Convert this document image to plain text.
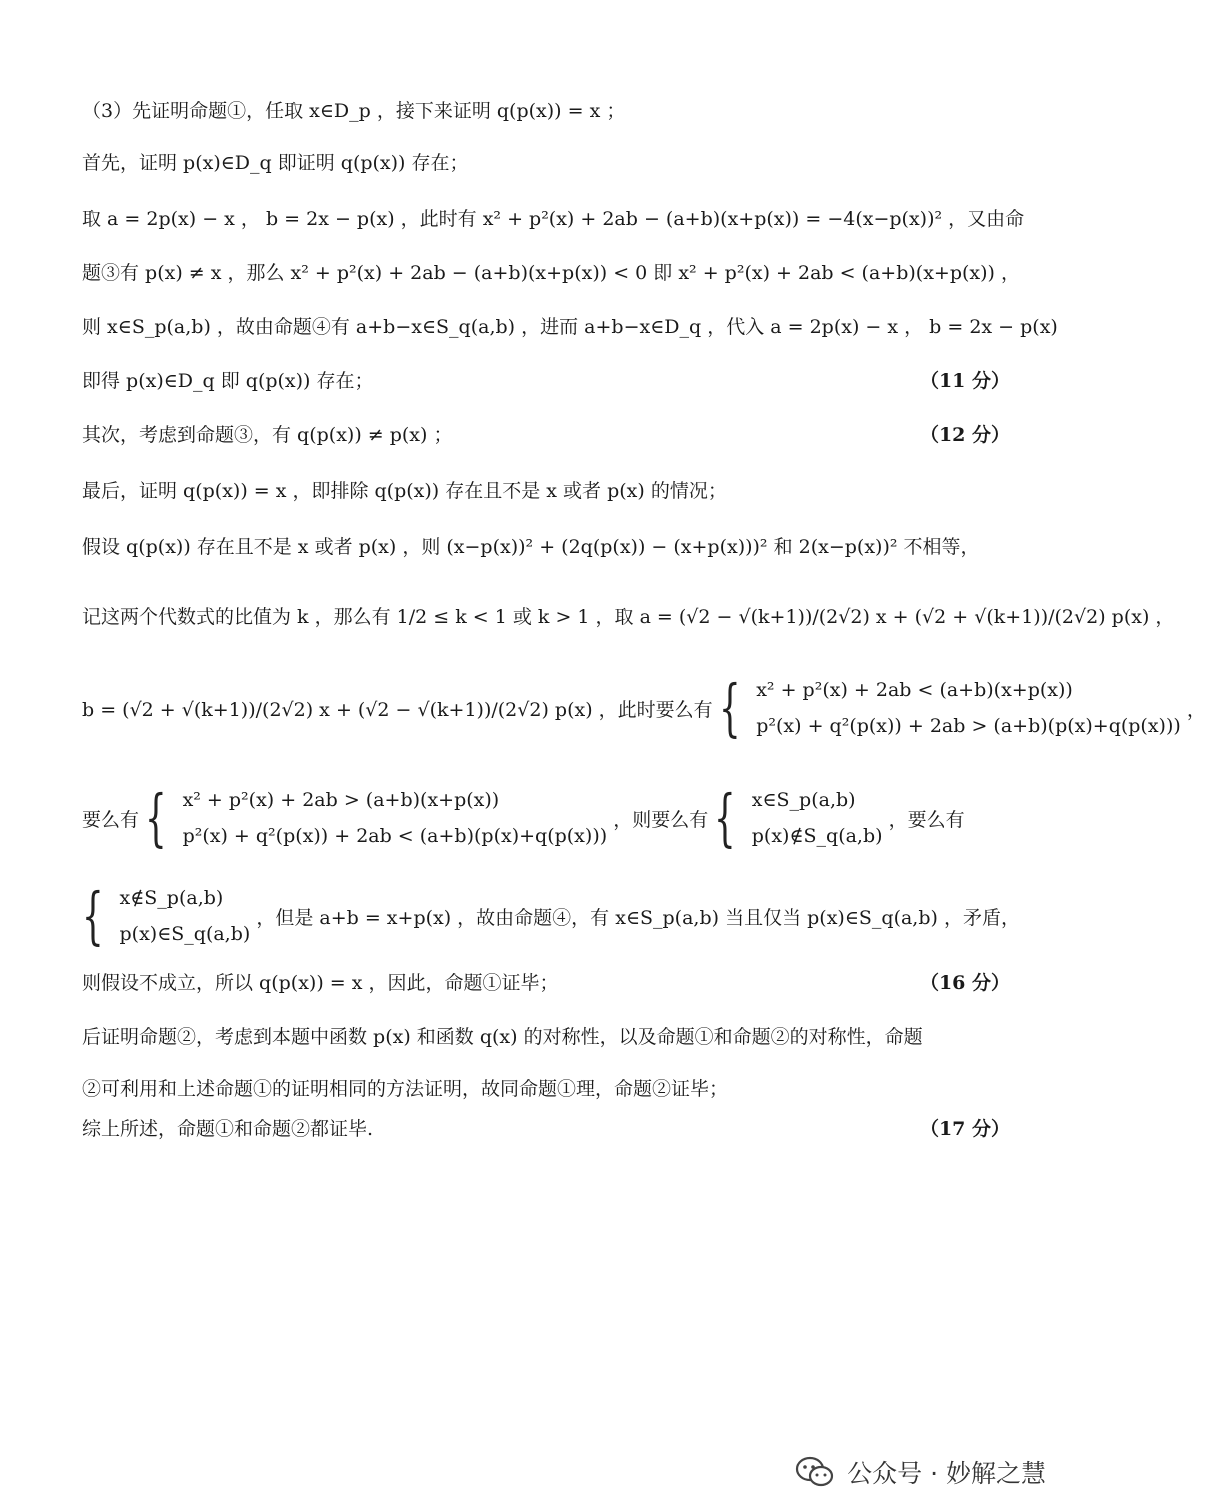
（3）先证明命题①，任取 x∈D_p ，接下来证明 q(p(x)) = x ；
首先，证明 p(x)∈D_q 即证明 q(p(x)) 存在；
取 a = 2p(x) − x ， b = 2x − p(x) ，此时有 x² + p²(x) + 2ab − (a+b)(x+p(x)) = −4(x−p(x))² ，又由命
题③有 p(x) ≠ x ，那么 x² + p²(x) + 2ab − (a+b)(x+p(x)) < 0 即 x² + p²(x) + 2ab < (a+b)(x+p(x)) ，
则 x∈S_p(a,b) ，故由命题④有 a+b−x∈S_q(a,b) ，进而 a+b−x∈D_q ，代入 a = 2p(x) − x ， b = 2x − p(x)
即得 p(x)∈D_q 即 q(p(x)) 存在；	（11 分）
其次，考虑到命题③，有 q(p(x)) ≠ p(x) ；	（12 分）
最后，证明 q(p(x)) = x ，即排除 q(p(x)) 存在且不是 x 或者 p(x) 的情况；
假设 q(p(x)) 存在且不是 x 或者 p(x) ，则 (x−p(x))² + (2q(p(x)) − (x+p(x)))² 和 2(x−p(x))² 不相等，
记这两个代数式的比值为 k ，那么有 1/2 ≤ k < 1 或 k > 1 ，取 a = (√2 − √(k+1))/(2√2) x + (√2 + √(k+1))/(2√2) p(x) ，
b = (√2 + √(k+1))/(2√2) x + (√2 − √(k+1))/(2√2) p(x) ，此时要么有 { x² + p²(x) + 2ab < (a+b)(x+p(x))
p²(x) + q²(p(x)) + 2ab > (a+b)(p(x)+q(p(x)))
，
要么有 { x² + p²(x) + 2ab > (a+b)(x+p(x))
p²(x) + q²(p(x)) + 2ab < (a+b)(p(x)+q(p(x)))
，则要么有 { x∈S_p(a,b)
p(x)∉S_q(a,b)
，要么有
{ x∉S_p(a,b)
p(x)∈S_q(a,b)
，但是 a+b = x+p(x) ，故由命题④，有 x∈S_p(a,b) 当且仅当 p(x)∈S_q(a,b) ，矛盾，
则假设不成立，所以 q(p(x)) = x ，因此，命题①证毕；	（16 分）
后证明命题②，考虑到本题中函数 p(x) 和函数 q(x) 的对称性，以及命题①和命题②的对称性，命题
②可利用和上述命题①的证明相同的方法证明，故同命题①理，命题②证毕；
综上所述，命题①和命题②都证毕.	（17 分）
公众号 · 妙解之慧
